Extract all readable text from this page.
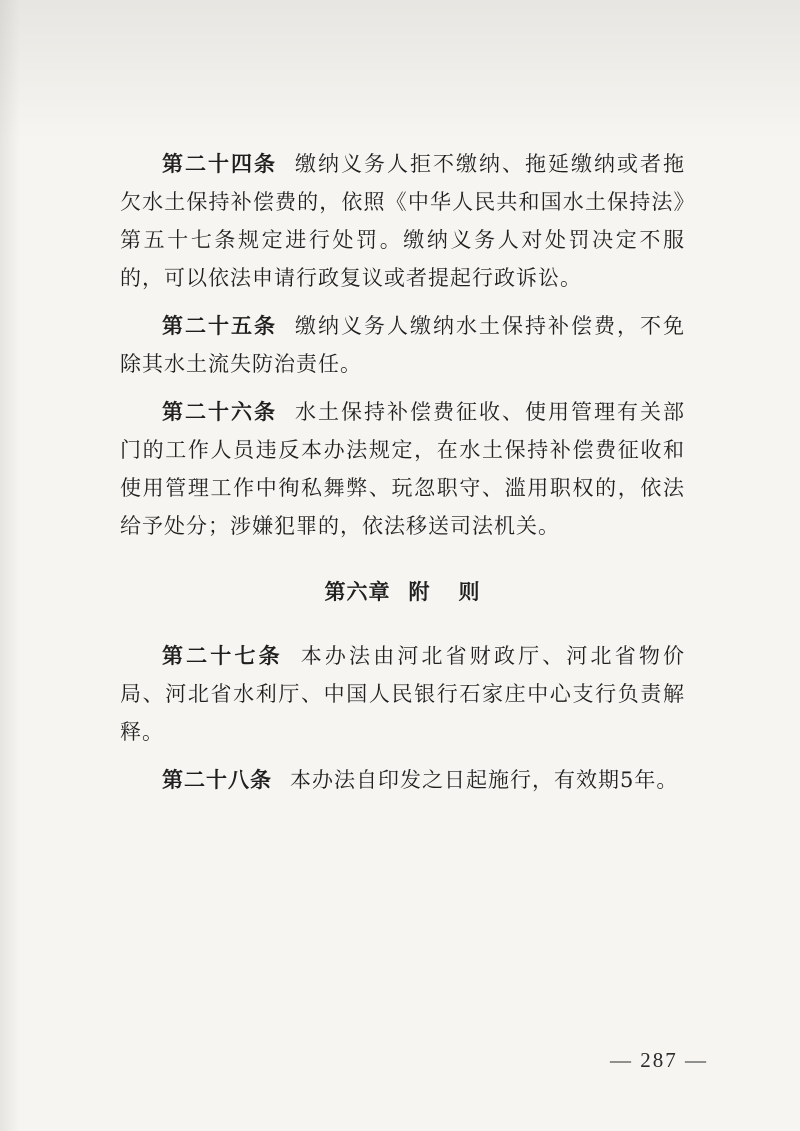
第二十四条 缴纳义务人拒不缴纳、拖延缴纳或者拖欠水土保持补偿费的，依照《中华人民共和国水土保持法》第五十七条规定进行处罚。缴纳义务人对处罚决定不服的，可以依法申请行政复议或者提起行政诉讼。

第二十五条 缴纳义务人缴纳水土保持补偿费，不免除其水土流失防治责任。

第二十六条 水土保持补偿费征收、使用管理有关部门的工作人员违反本办法规定，在水土保持补偿费征收和使用管理工作中徇私舞弊、玩忽职守、滥用职权的，依法给予处分；涉嫌犯罪的，依法移送司法机关。

第六章 附 则

第二十七条 本办法由河北省财政厅、河北省物价局、河北省水利厅、中国人民银行石家庄中心支行负责解释。

第二十八条 本办法自印发之日起施行，有效期5年。

— 287 —
